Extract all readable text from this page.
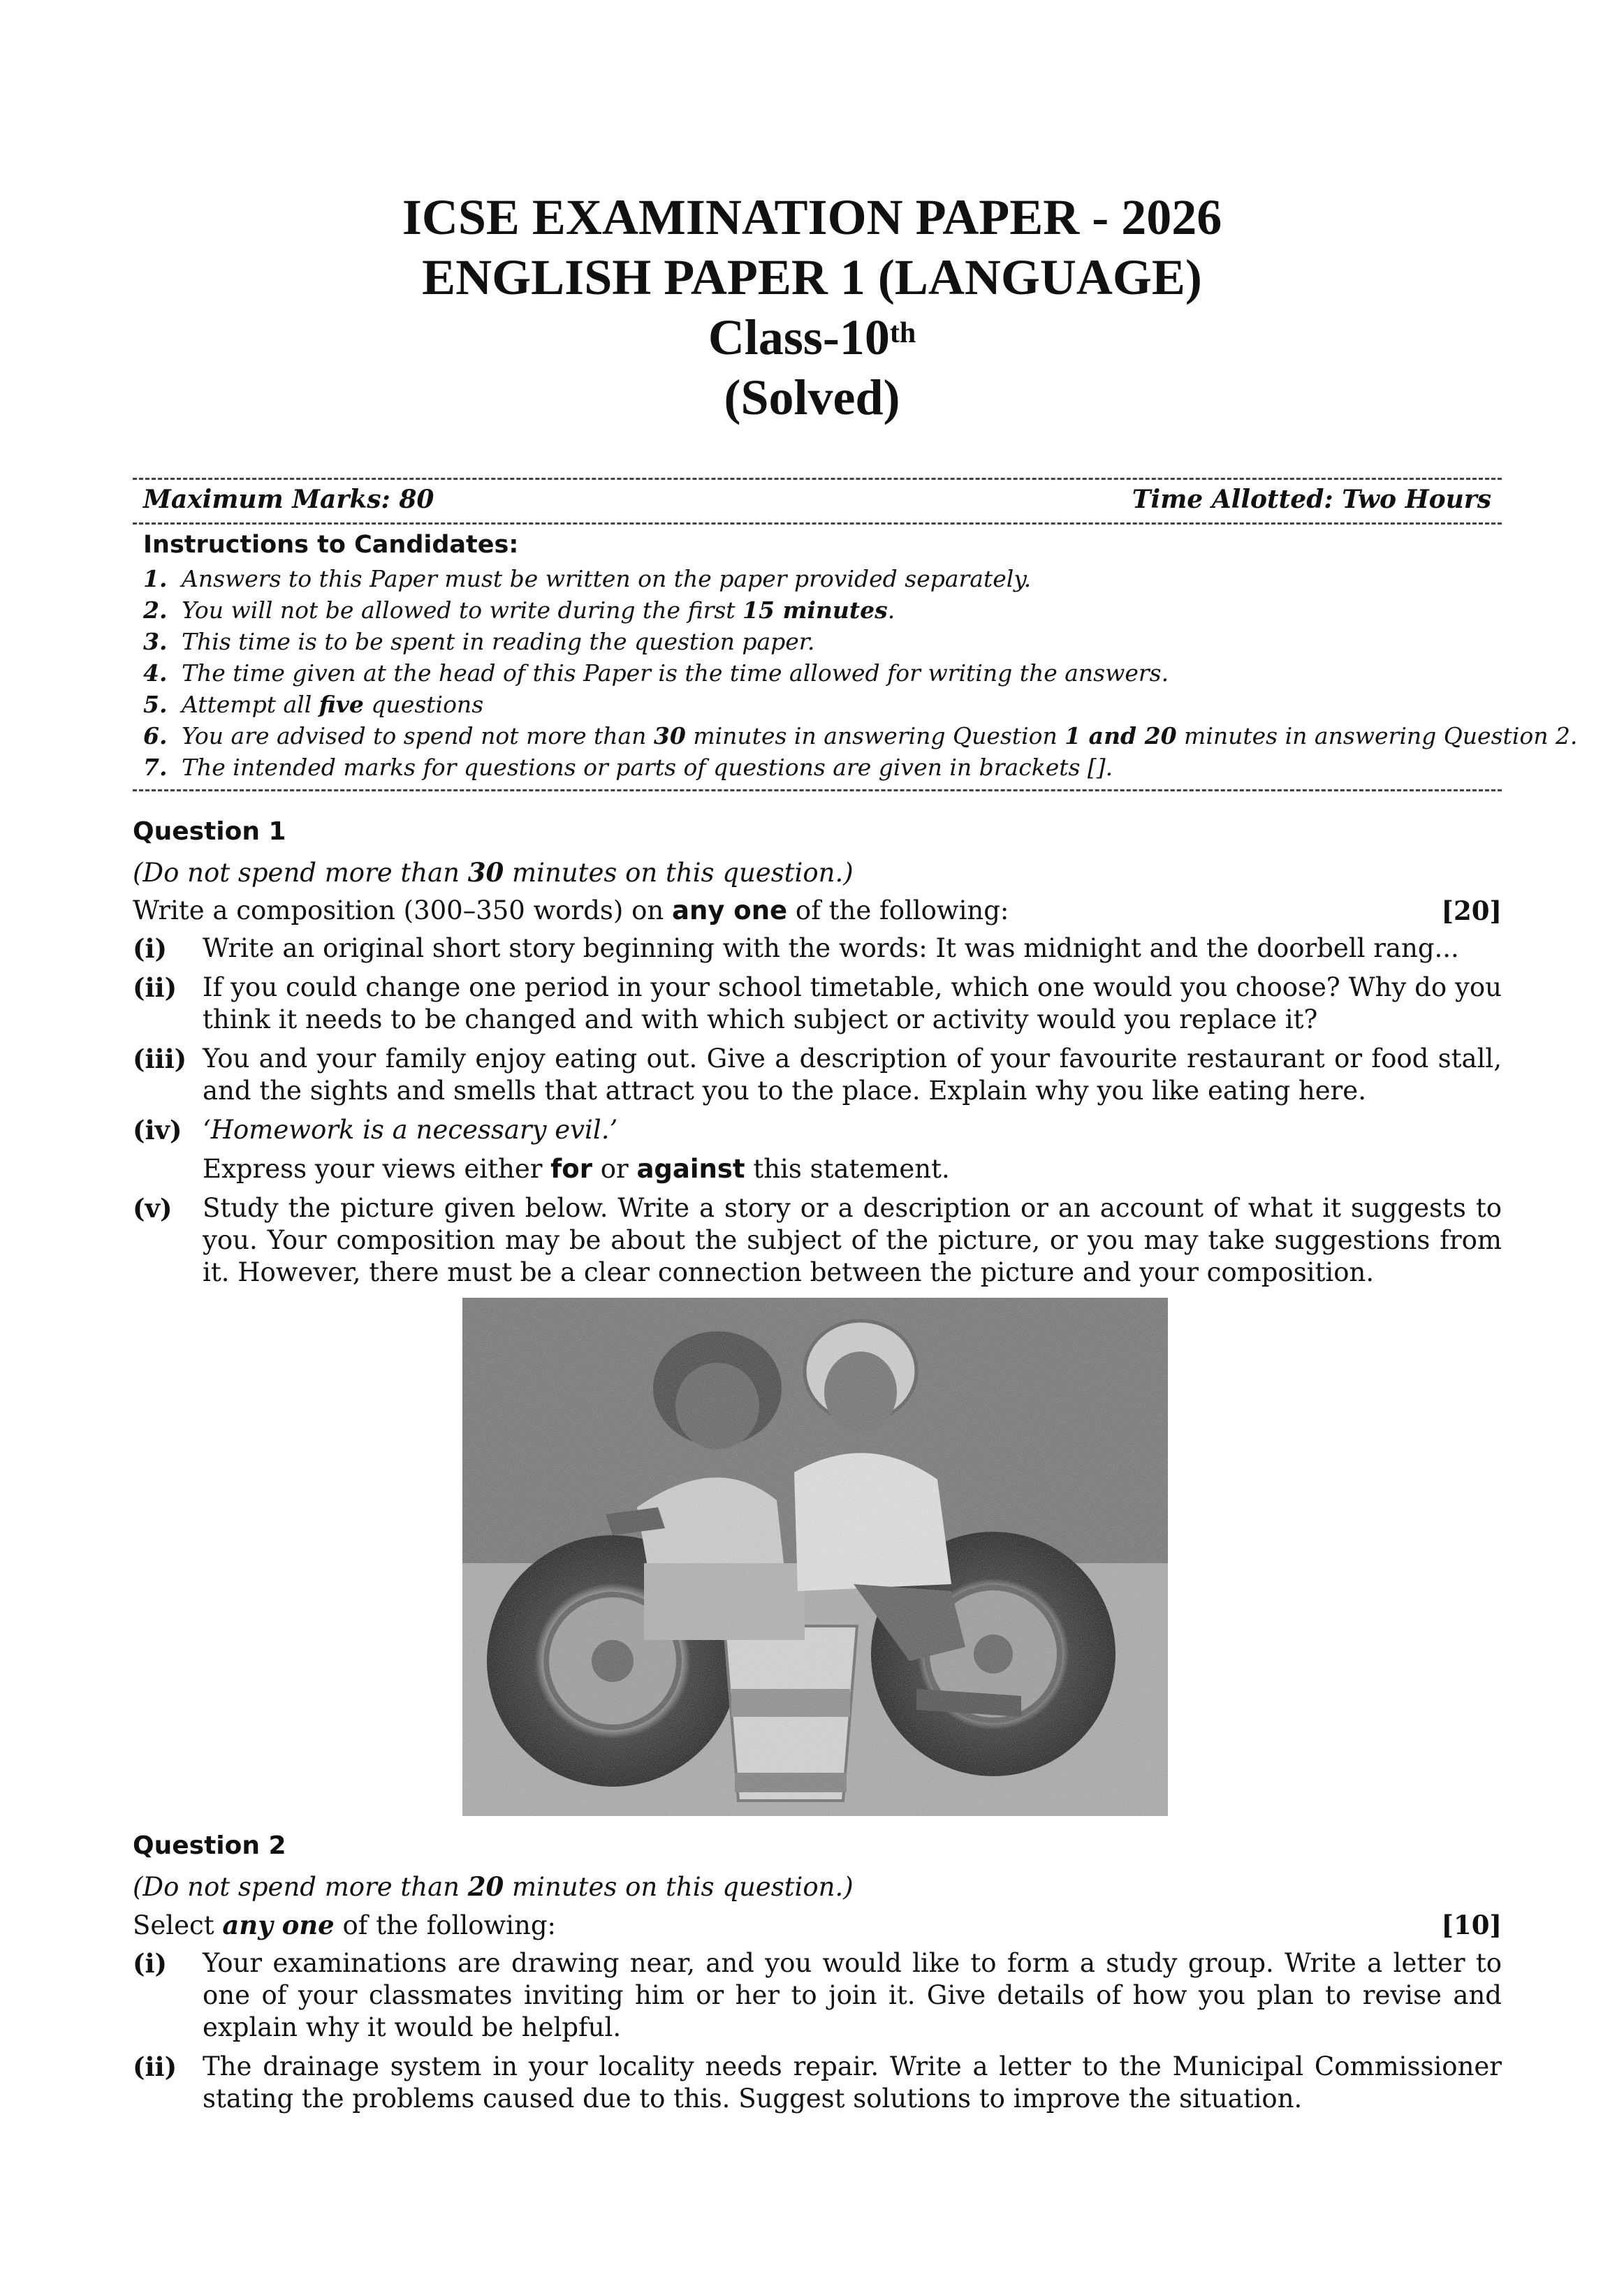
ICSE EXAMINATION PAPER - 2026
ENGLISH PAPER 1 (LANGUAGE)
Class-10th
(Solved)
Maximum Marks: 80	Time Allotted: Two Hours
Instructions to Candidates:
1. Answers to this Paper must be written on the paper provided separately.
2. You will not be allowed to write during the first 15 minutes.
3. This time is to be spent in reading the question paper.
4. The time given at the head of this Paper is the time allowed for writing the answers.
5. Attempt all five questions
6. You are advised to spend not more than 30 minutes in answering Question 1 and 20 minutes in answering Question 2.
7. The intended marks for questions or parts of questions are given in brackets [].
Question 1
(Do not spend more than 30 minutes on this question.)
Write a composition (300–350 words) on any one of the following:	[20]
(i)	Write an original short story beginning with the words: It was midnight and the doorbell rang...
(ii) If you could change one period in your school timetable, which one would you choose? Why do you think it needs to be changed and with which subject or activity would you replace it?
(iii) You and your family enjoy eating out. Give a description of your favourite restaurant or food stall, and the sights and smells that attract you to the place. Explain why you like eating here.
(iv) ‘Homework is a necessary evil.’
Express your views either for or against this statement.
(v)	Study the picture given below. Write a story or a description or an account of what it suggests to you. Your composition may be about the subject of the picture, or you may take suggestions from it. However, there must be a clear connection between the picture and your composition.
Question 2
(Do not spend more than 20 minutes on this question.)
Select any one of the following:	[10]
(i)	Your examinations are drawing near, and you would like to form a study group. Write a letter to one of your classmates inviting him or her to join it. Give details of how you plan to revise and explain why it would be helpful.
(ii) The drainage system in your locality needs repair. Write a letter to the Municipal Commissioner stating the problems caused due to this. Suggest solutions to improve the situation.
